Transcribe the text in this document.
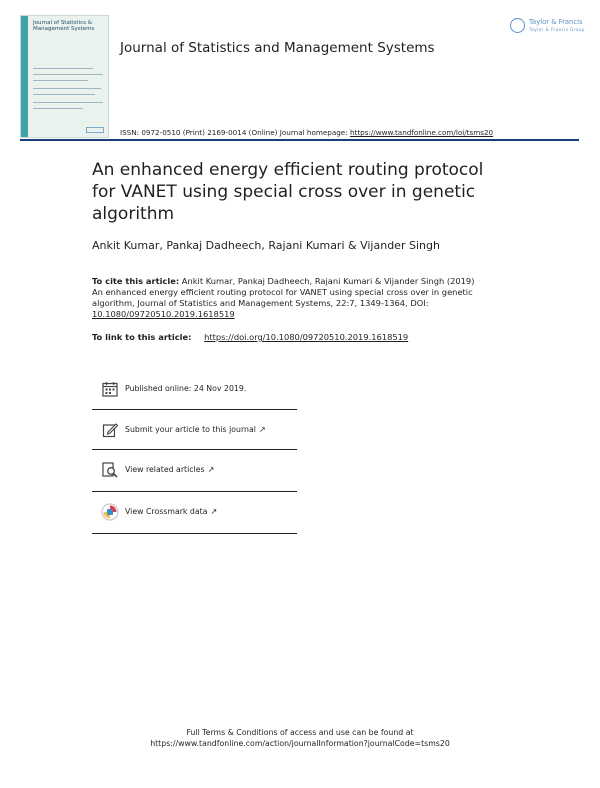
Journal of Statistics & Management Systems
Journal of Statistics and Management Systems
Taylor & Francis
Taylor & Francis Group
ISSN: 0972-0510 (Print) 2169-0014 (Online) Journal homepage: https://www.tandfonline.com/loi/tsms20
An enhanced energy efficient routing protocol for VANET using special cross over in genetic algorithm
Ankit Kumar, Pankaj Dadheech, Rajani Kumari & Vijander Singh
To cite this article: Ankit Kumar, Pankaj Dadheech, Rajani Kumari & Vijander Singh (2019) An enhanced energy efficient routing protocol for VANET using special cross over in genetic algorithm, Journal of Statistics and Management Systems, 22:7, 1349-1364, DOI: 10.1080/09720510.2019.1618519
To link to this article: https://doi.org/10.1080/09720510.2019.1618519
Published online: 24 Nov 2019.
Submit your article to this journal ↗
View related articles ↗
View Crossmark data ↗
Full Terms & Conditions of access and use can be found at
https://www.tandfonline.com/action/journalInformation?journalCode=tsms20
